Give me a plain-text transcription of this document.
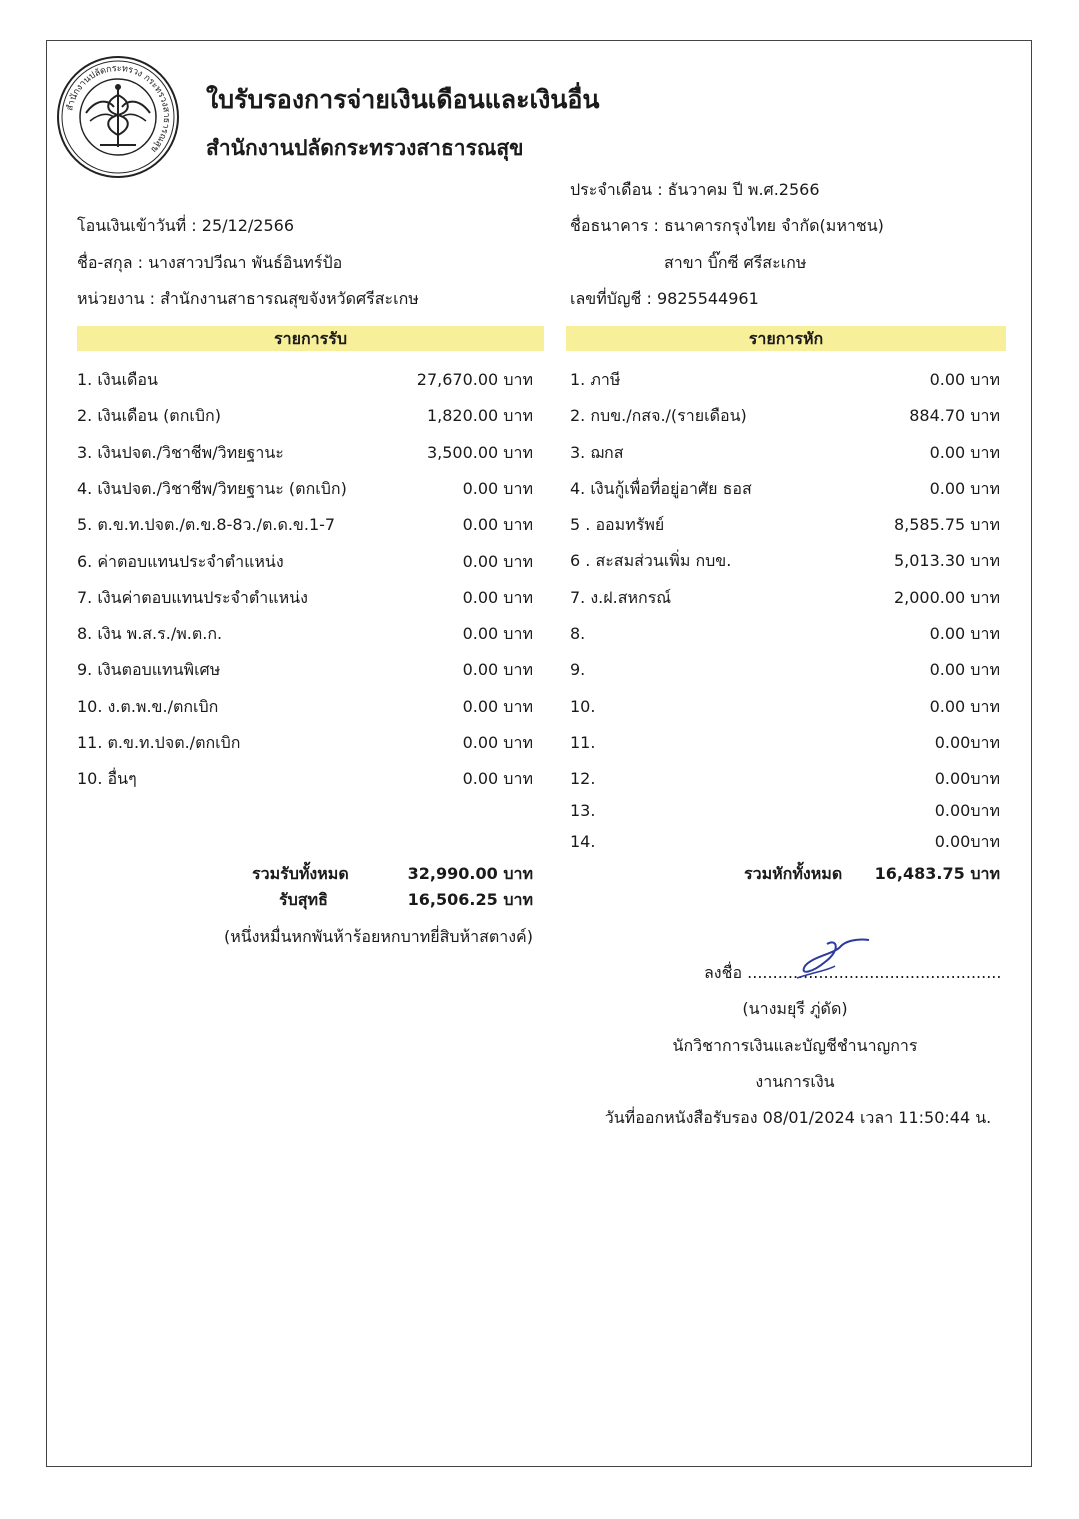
สำนักงานปลัดกระทรวง กระทรวงสาธารณสุข
ใบรับรองการจ่ายเงินเดือนและเงินอื่น
สำนักงานปลัดกระทรวงสาธารณสุข
ประจำเดือน : ธันวาคม ปี พ.ศ.2566
โอนเงินเข้าวันที่ : 25/12/2566	ชื่อธนาคาร : ธนาคารกรุงไทย จำกัด(มหาชน)
ชื่อ-สกุล : นางสาวปวีณา พันธ์อินทร์ป้อ	สาขา บิ๊กซี ศรีสะเกษ
หน่วยงาน : สำนักงานสาธารณสุขจังหวัดศรีสะเกษ	เลขที่บัญชี : 9825544961
รายการรับ	รายการหัก
1. เงินเดือน	27,670.00 บาท
2. เงินเดือน (ตกเบิก)	1,820.00 บาท
3. เงินปจต./วิชาชีพ/วิทยฐานะ	3,500.00 บาท
4. เงินปจต./วิชาชีพ/วิทยฐานะ (ตกเบิก)	0.00 บาท
5. ต.ข.ท.ปจต./ต.ข.8-8ว./ต.ด.ข.1-7	0.00 บาท
6. ค่าตอบแทนประจำตำแหน่ง	0.00 บาท
7. เงินค่าตอบแทนประจำตำแหน่ง	0.00 บาท
8. เงิน พ.ส.ร./พ.ต.ก.	0.00 บาท
9. เงินตอบแทนพิเศษ	0.00 บาท
10. ง.ต.พ.ข./ตกเบิก	0.00 บาท
11. ต.ข.ท.ปจต./ตกเบิก	0.00 บาท
10. อื่นๆ	0.00 บาท
1. ภาษี	0.00 บาท
2. กบข./กสจ./(รายเดือน)	884.70 บาท
3. ฌกส	0.00 บาท
4. เงินกู้เพื่อที่อยู่อาศัย ธอส	0.00 บาท
5 . ออมทรัพย์	8,585.75 บาท
6 . สะสมส่วนเพิ่ม กบข.	5,013.30 บาท
7. ง.ฝ.สหกรณ์	2,000.00 บาท
8.	0.00 บาท
9.	0.00 บาท
10.	0.00 บาท
11.	0.00บาท
12.	0.00บาท
13.	0.00บาท
14.	0.00บาท
รวมรับทั้งหมด	32,990.00 บาท
รับสุทธิ	16,506.25 บาท
(หนึ่งหมื่นหกพันห้าร้อยหกบาทยี่สิบห้าสตางค์)
รวมหักทั้งหมด 16,483.75 บาท
ลงชื่อ ..................................................
(นางมยุรี ภู่ดัด)
นักวิชาการเงินและบัญชีชำนาญการ
งานการเงิน
วันที่ออกหนังสือรับรอง 08/01/2024 เวลา 11:50:44 น.
